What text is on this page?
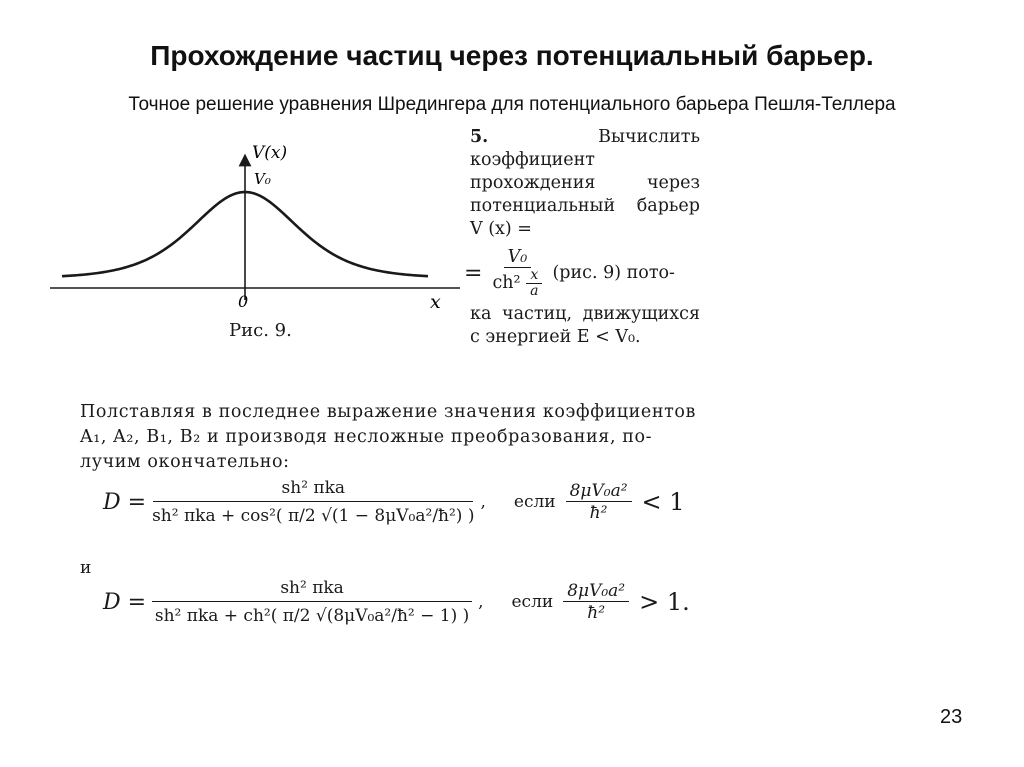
Прохождение частиц через потенциальный барьер.
Точное решение уравнения Шредингера для потенциального барьера Пешля-Теллера
V(x)
V₀
0	x
Рис. 9.
5.	Вычислить коэффициент прохождения через потенциальный барьер V (x) =
= $\frac{\text{V₀}}{ch^2 \frac{x}{a}} (рис$. 9) пото-
ка частиц, движущихся с энергией E < V₀.
Полставляя в последнее выражение значения коэффициентов
A₁, A₂, B₁, B₂ и производя несложные преобразования, по-
лучим окончательно:
D =
sh² πka
sh² πka + cos²( π/2 √(1 − 8μV₀a²/ħ²) )
, если $\frac{\text{8μV₀a²}}{\text{ħ²}} < 1$
и
D =
sh² πka
sh² πka + ch²( π/2 √(8μV₀a²/ħ² − 1) )
, если $\frac{\text{8μV₀a²}}{\text{ħ²}} > 1$.
23
